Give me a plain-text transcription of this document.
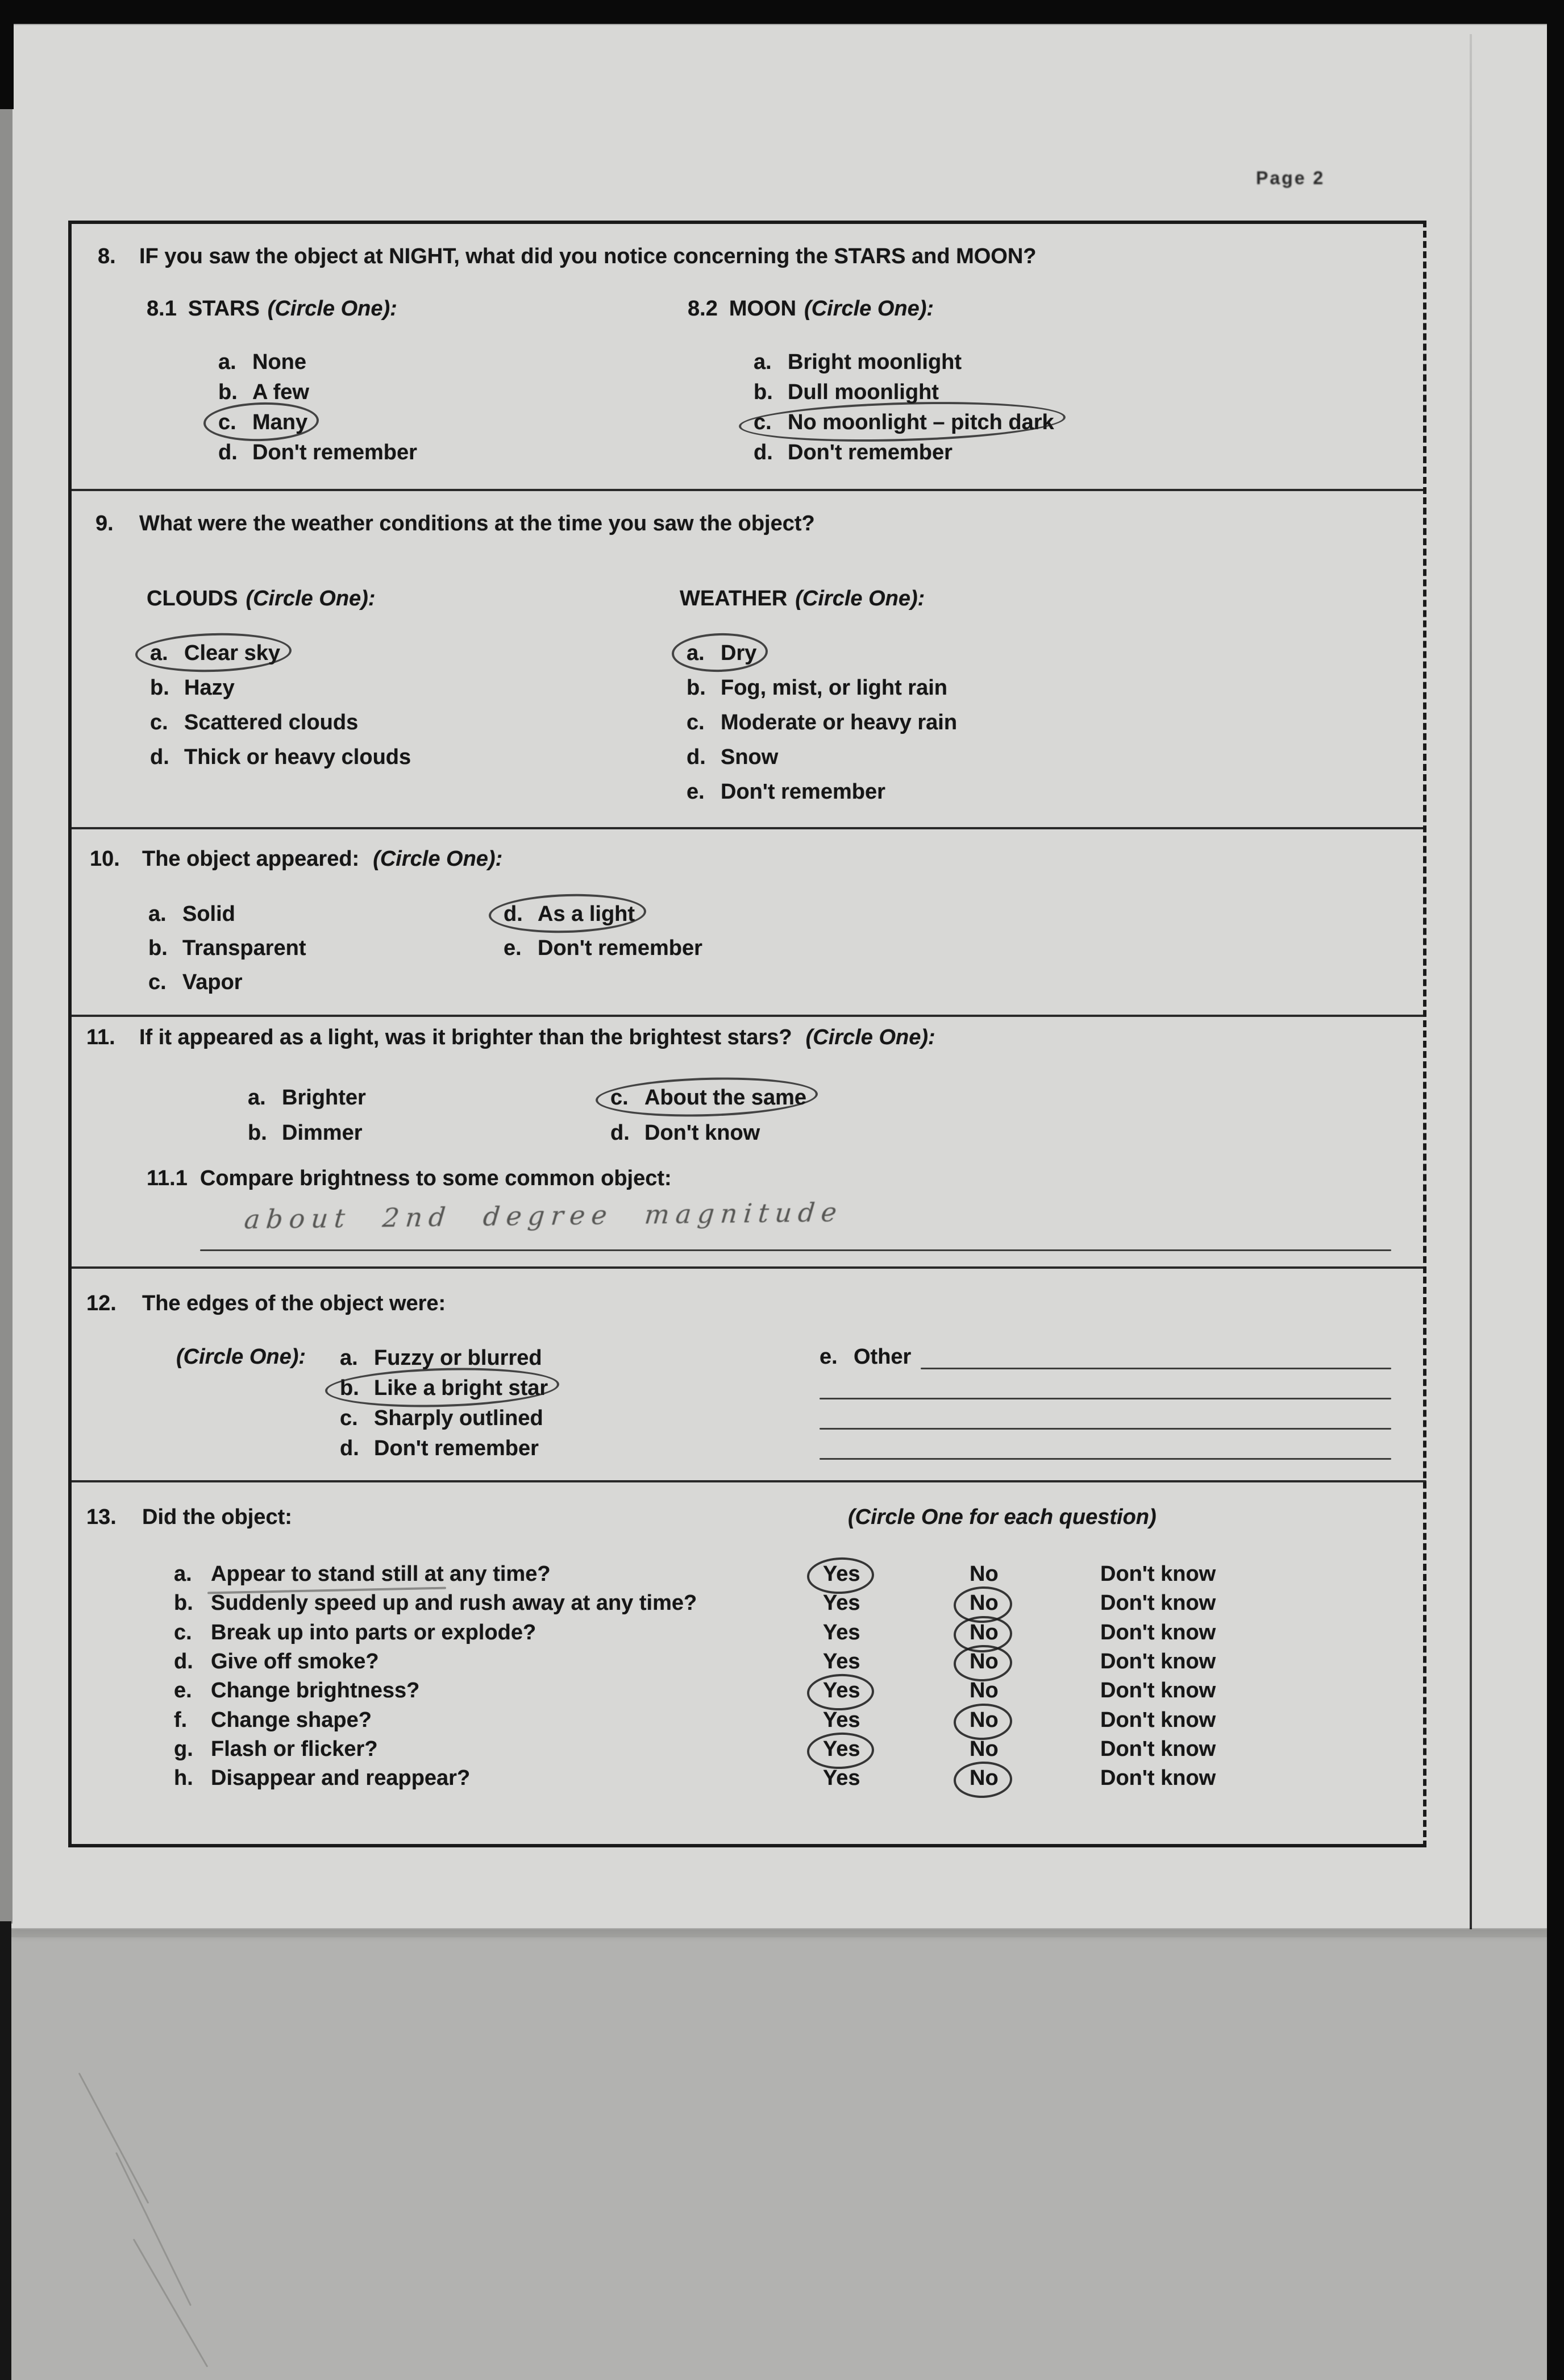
Page 2
8. IF you saw the object at NIGHT, what did you notice concerning the STARS and MOON?
8.1 STARS (Circle One):	8.2 MOON (Circle One):
a. None
b. A few
c. Many
d. Don't remember
a. Bright moonlight
b. Dull moonlight
c. No moonlight – pitch dark
d. Don't remember
9. What were the weather conditions at the time you saw the object?
CLOUDS (Circle One):	WEATHER (Circle One):
a. Clear sky
b. Hazy
c. Scattered clouds
d. Thick or heavy clouds
a. Dry
b. Fog, mist, or light rain
c. Moderate or heavy rain
d. Snow
e. Don't remember
10. The object appeared: (Circle One):
a. Solid
b. Transparent
c. Vapor
d. As a light
e. Don't remember
11. If it appeared as a light, was it brighter than the brightest stars? (Circle One):
a. Brighter
b. Dimmer
c. About the same
d. Don't know
11.1 Compare brightness to some common object:
about 2nd degree magnitude
12. The edges of the object were:
(Circle One): a. Fuzzy or blurred
b. Like a bright star
c. Sharply outlined
d. Don't remember
e. Other
13. Did the object:	(Circle One for each question)
a. Appear to stand still at any time?	Yes	No	Don't know
b. Suddenly speed up and rush away at any time?	Yes	No	Don't know
c. Break up into parts or explode?	Yes	No	Don't know
d. Give off smoke?	Yes	No	Don't know
e. Change brightness?	Yes	No	Don't know
f. Change shape?	Yes	No	Don't know
g. Flash or flicker?	Yes	No	Don't know
h. Disappear and reappear?	Yes	No	Don't know
